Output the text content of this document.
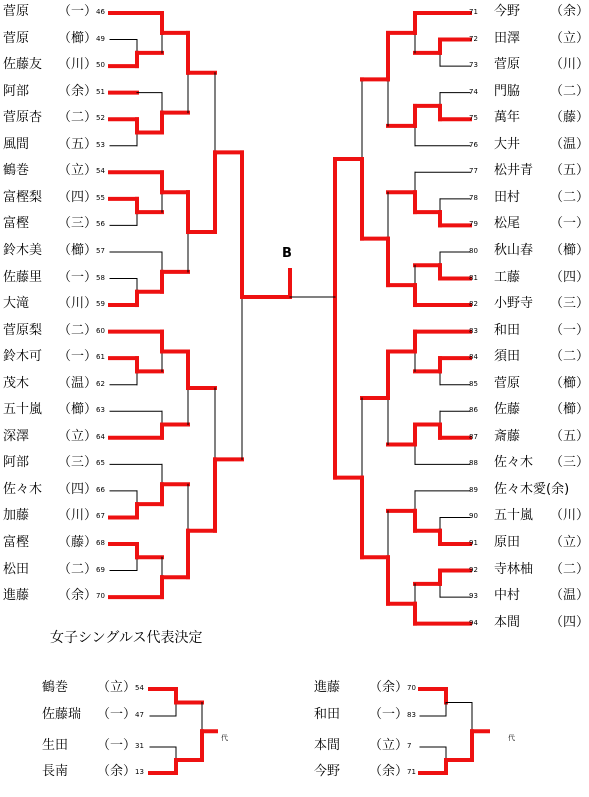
B
女子シングルス代表決定
代	代
菅原 （一）
46
菅原 （櫛）
49
佐藤友 （川）
50
阿部 （余）
51
菅原杏 （二）
52
風間 （五）
53
鶴巻 （立）
54
富樫梨 （四）
55
富樫 （三）
56
鈴木美 （櫛）
57
佐藤里 （一）
58
大滝 （川）
59
菅原梨 （二）
60
鈴木可 （一）
61
茂木 （温）
62
五十嵐 （櫛）
63
深澤 （立）
64
阿部 （三）
65
佐々木 （四）
66
加藤 （川）
67
富樫 （藤）
68
松田 （二）
69
進藤 （余）
70
今野 （余）
71
田澤 （立）
72
菅原 （川）
73
門脇 （二）
74
萬年 （藤）
75
大井 （温）
76
松井青 （五）
77
田村 （二）
78
松尾 （一）
79
秋山春 （櫛）
80
工藤 （四）
81
小野寺 （三）
82
和田 （一）
83
須田 （二）
84
菅原 （櫛）
85
佐藤 （櫛）
86
斎藤 （五）
87
佐々木 （三）
88
佐々木愛 (余)
89
五十嵐 （川）
90
原田 （立）
91
寺林柚 （二）
92
中村 （温）
93
本間 （四）
94
鶴巻 （立）
54
佐藤瑞 （一）
47
生田 （一）
31
長南 （余）
13
進藤 （余）
70
和田 （一）
83
本間 （立）
7
今野 （余）
71
